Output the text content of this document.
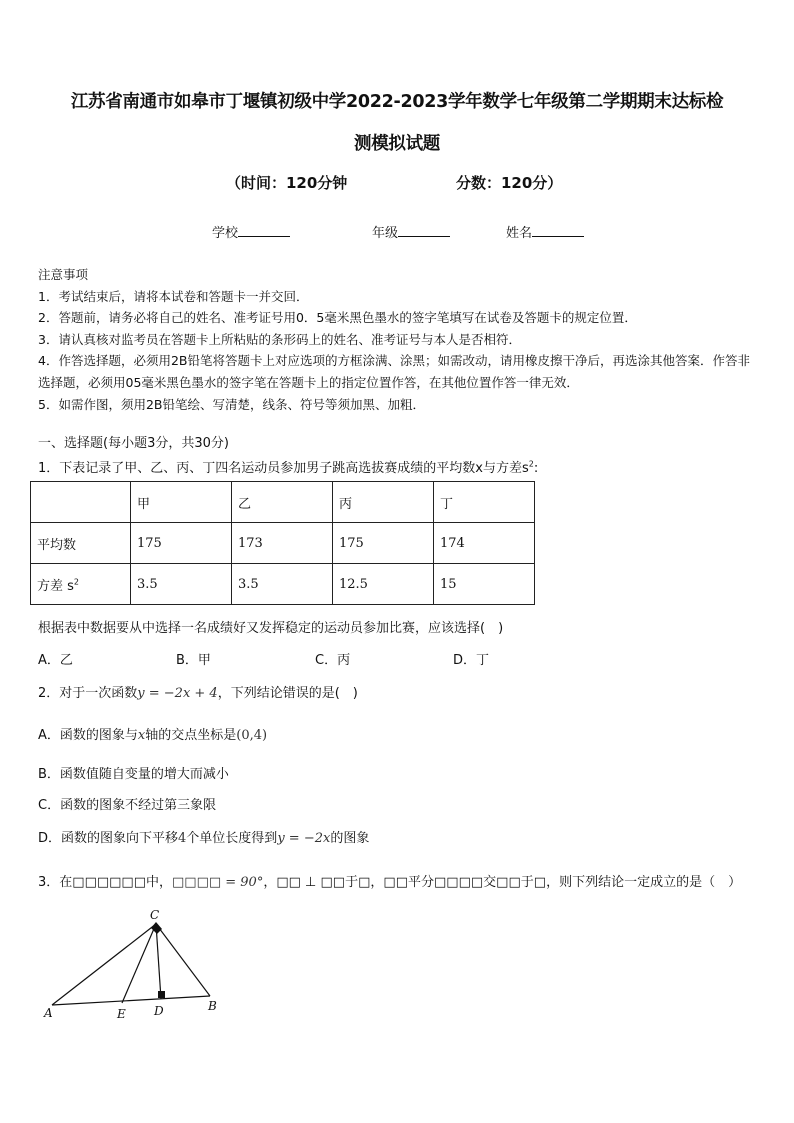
江苏省南通市如皋市丁堰镇初级中学2022-2023学年数学七年级第二学期期末达标检
测模拟试题
（时间：120分钟	分数：120分）
学校	年级	姓名

注意事项

1．考试结束后，请将本试卷和答题卡一并交回．

2．答题前，请务必将自己的姓名、准考证号用0．5毫米黑色墨水的签字笔填写在试卷及答题卡的规定位置．

3．请认真核对监考员在答题卡上所粘贴的条形码上的姓名、准考证号与本人是否相符．

4．作答选择题，必须用2B铅笔将答题卡上对应选项的方框涂满、涂黑；如需改动，请用橡皮擦干净后，再选涂其他答案．作答非选择题，必须用05毫米黑色墨水的签字笔在答题卡上的指定位置作答，在其他位置作答一律无效．

5．如需作图，须用2B铅笔绘、写清楚，线条、符号等须加黑、加粗．

一、选择题(每小题3分，共30分)
1．下表记录了甲、乙、丙、丁四名运动员参加男子跳高选拔赛成绩的平均数x与方差$s^2$:
	甲	乙	丙	丁
平均数	175	173	175	174
方差 $s^2$	3.5	3.5	12.5	15
根据表中数据要从中选择一名成绩好又发挥稳定的运动员参加比赛，应该选择(　)
A．乙	B．甲	C．丙	D．丁
2．对于一次函数y = −2x + 4，下列结论错误的是(　)
A．函数的图象与x轴的交点坐标是(0,4)
B．函数值随自变量的增大而减小
C．函数的图象不经过第三象限
D．函数的图象向下平移4个单位长度得到y = −2x的图象
3．在□□□□□□中，□□□□ = 90°，□□ ⊥ □□于□，□□平分□□□□交□□于□，则下列结论一定成立的是（　）
C
A	E D	B
